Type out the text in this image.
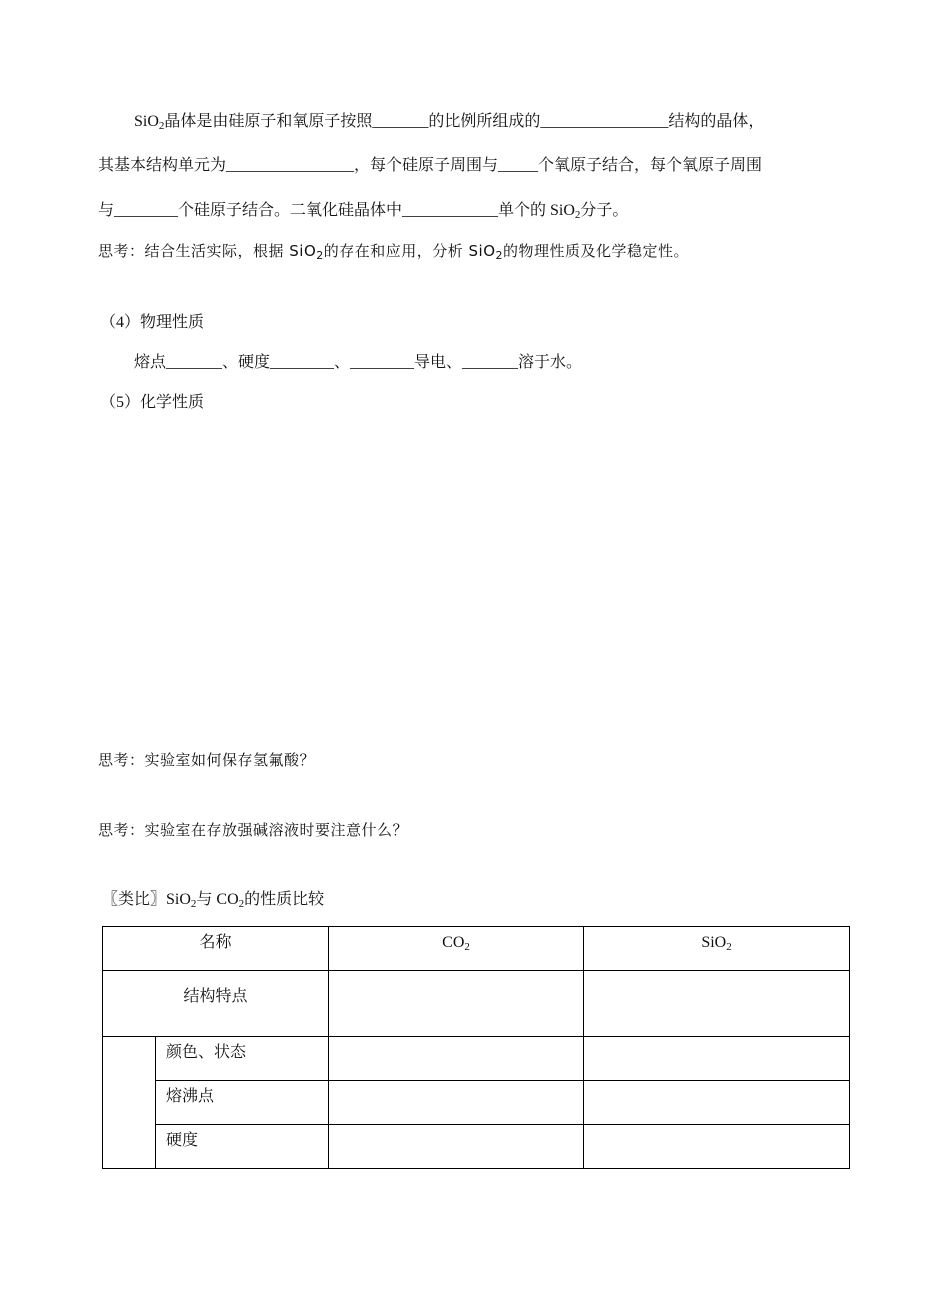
SiO2晶体是由硅原子和氧原子按照_______的比例所组成的________________结构的晶体，
其基本结构单元为________________，每个硅原子周围与_____个氧原子结合，每个氧原子周围
与________个硅原子结合。二氧化硅晶体中____________单个的 SiO2分子。
思考：结合生活实际，根据 SiO$_2$的存在和应用，分析 SiO$_2$的物理性质及化学稳定性。
（4）物理性质
熔点_______、硬度________、________导电、_______溶于水。
（5）化学性质
思考：实验室如何保存氢氟酸？
思考：实验室在存放强碱溶液时要注意什么？
〖类比〗SiO2与 CO2的性质比较
名称		CO2	SiO2
结构特点			
	颜色、状态		
	熔沸点		
	硬度		
